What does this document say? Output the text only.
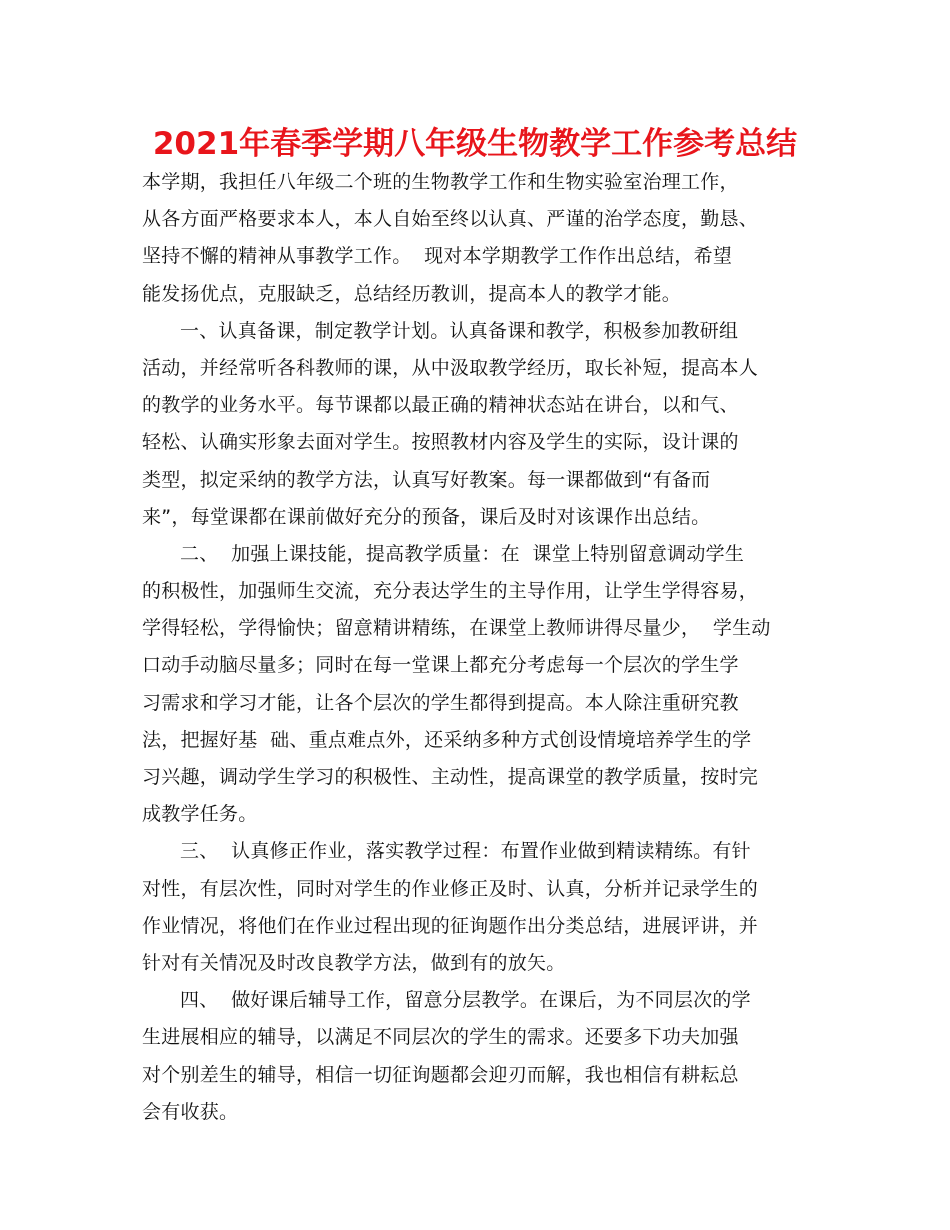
2021年春季学期八年级生物教学工作参考总结
本学期，我担任八年级二个班的生物教学工作和生物实验室治理工作，
从各方面严格要求本人，本人自始至终以认真、严谨的治学态度，勤恳、
坚持不懈的精神从事教学工作。  现对本学期教学工作作出总结，希望
能发扬优点，克服缺乏，总结经历教训，提高本人的教学才能。
一、认真备课，制定教学计划。认真备课和教学，积极参加教研组
活动，并经常听各科教师的课，从中汲取教学经历，取长补短，提高本人
的教学的业务水平。每节课都以最正确的精神状态站在讲台，以和气、
轻松、认确实形象去面对学生。按照教材内容及学生的实际，设计课的
类型，拟定采纳的教学方法，认真写好教案。每一课都做到“有备而
来”，每堂课都在课前做好充分的预备，课后及时对该课作出总结。
二、  加强上课技能，提高教学质量：在  课堂上特别留意调动学生
的积极性，加强师生交流，充分表达学生的主导作用，让学生学得容易，
学得轻松，学得愉快；留意精讲精练，在课堂上教师讲得尽量少，  学生动
口动手动脑尽量多；同时在每一堂课上都充分考虑每一个层次的学生学
习需求和学习才能，让各个层次的学生都得到提高。本人除注重研究教
法，把握好基  础、重点难点外，还采纳多种方式创设情境培养学生的学
习兴趣，调动学生学习的积极性、主动性，提高课堂的教学质量，按时完
成教学任务。
三、  认真修正作业，落实教学过程：布置作业做到精读精练。有针
对性，有层次性，同时对学生的作业修正及时、认真，分析并记录学生的
作业情况，将他们在作业过程出现的征询题作出分类总结，进展评讲，并
针对有关情况及时改良教学方法，做到有的放矢。
四、  做好课后辅导工作，留意分层教学。在课后，为不同层次的学
生进展相应的辅导，以满足不同层次的学生的需求。还要多下功夫加强
对个别差生的辅导，相信一切征询题都会迎刃而解，我也相信有耕耘总
会有收获。
